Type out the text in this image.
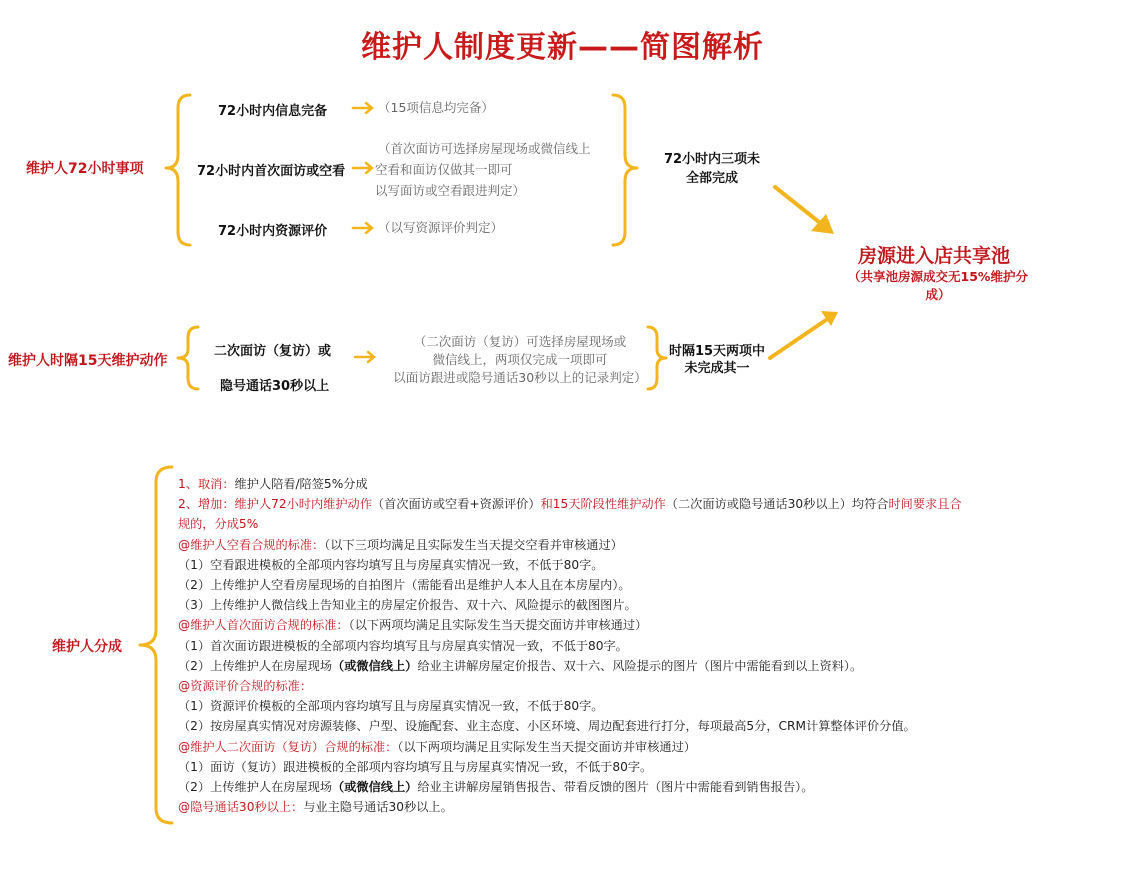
维护人制度更新——简图解析
维护人72小时事项
72小时内信息完备	（15项信息均完备）
72小时内首次面访或空看
（首次面访可选择房屋现场或微信线上
空看和面访仅做其一即可
以写面访或空看跟进判定）
72小时内资源评价	（以写资源评价判定）
72小时内三项未
全部完成
房源进入店共享池
（共享池房源成交无15%维护分
成）
维护人时隔15天维护动作
二次面访（复访）或
隐号通话30秒以上
（二次面访（复访）可选择房屋现场或
微信线上，两项仅完成一项即可
以面访跟进或隐号通话30秒以上的记录判定）
时隔15天两项中
未完成其一
维护人分成
1、取消：维护人陪看/陪签5%分成
2、增加：维护人72小时内维护动作（首次面访或空看+资源评价）和15天阶段性维护动作（二次面访或隐号通话30秒以上）均符合时间要求且合
规的，分成5%
@维护人空看合规的标准：（以下三项均满足且实际发生当天提交空看并审核通过）
（1）空看跟进模板的全部项内容均填写且与房屋真实情况一致，不低于80字。
（2）上传维护人空看房屋现场的自拍图片（需能看出是维护人本人且在本房屋内）。
（3）上传维护人微信线上告知业主的房屋定价报告、双十六、风险提示的截图图片。
@维护人首次面访合规的标准：（以下两项均满足且实际发生当天提交面访并审核通过）
（1）首次面访跟进模板的全部项内容均填写且与房屋真实情况一致，不低于80字。
（2）上传维护人在房屋现场（或微信线上）给业主讲解房屋定价报告、双十六、风险提示的图片（图片中需能看到以上资料）。
@资源评价合规的标准：
（1）资源评价模板的全部项内容均填写且与房屋真实情况一致，不低于80字。
（2）按房屋真实情况对房源装修、户型、设施配套、业主态度、小区环境、周边配套进行打分，每项最高5分，CRM计算整体评价分值。
@维护人二次面访（复访）合规的标准：（以下两项均满足且实际发生当天提交面访并审核通过）
（1）面访（复访）跟进模板的全部项内容均填写且与房屋真实情况一致，不低于80字。
（2）上传维护人在房屋现场（或微信线上）给业主讲解房屋销售报告、带看反馈的图片（图片中需能看到销售报告）。
@隐号通话30秒以上：与业主隐号通话30秒以上。
